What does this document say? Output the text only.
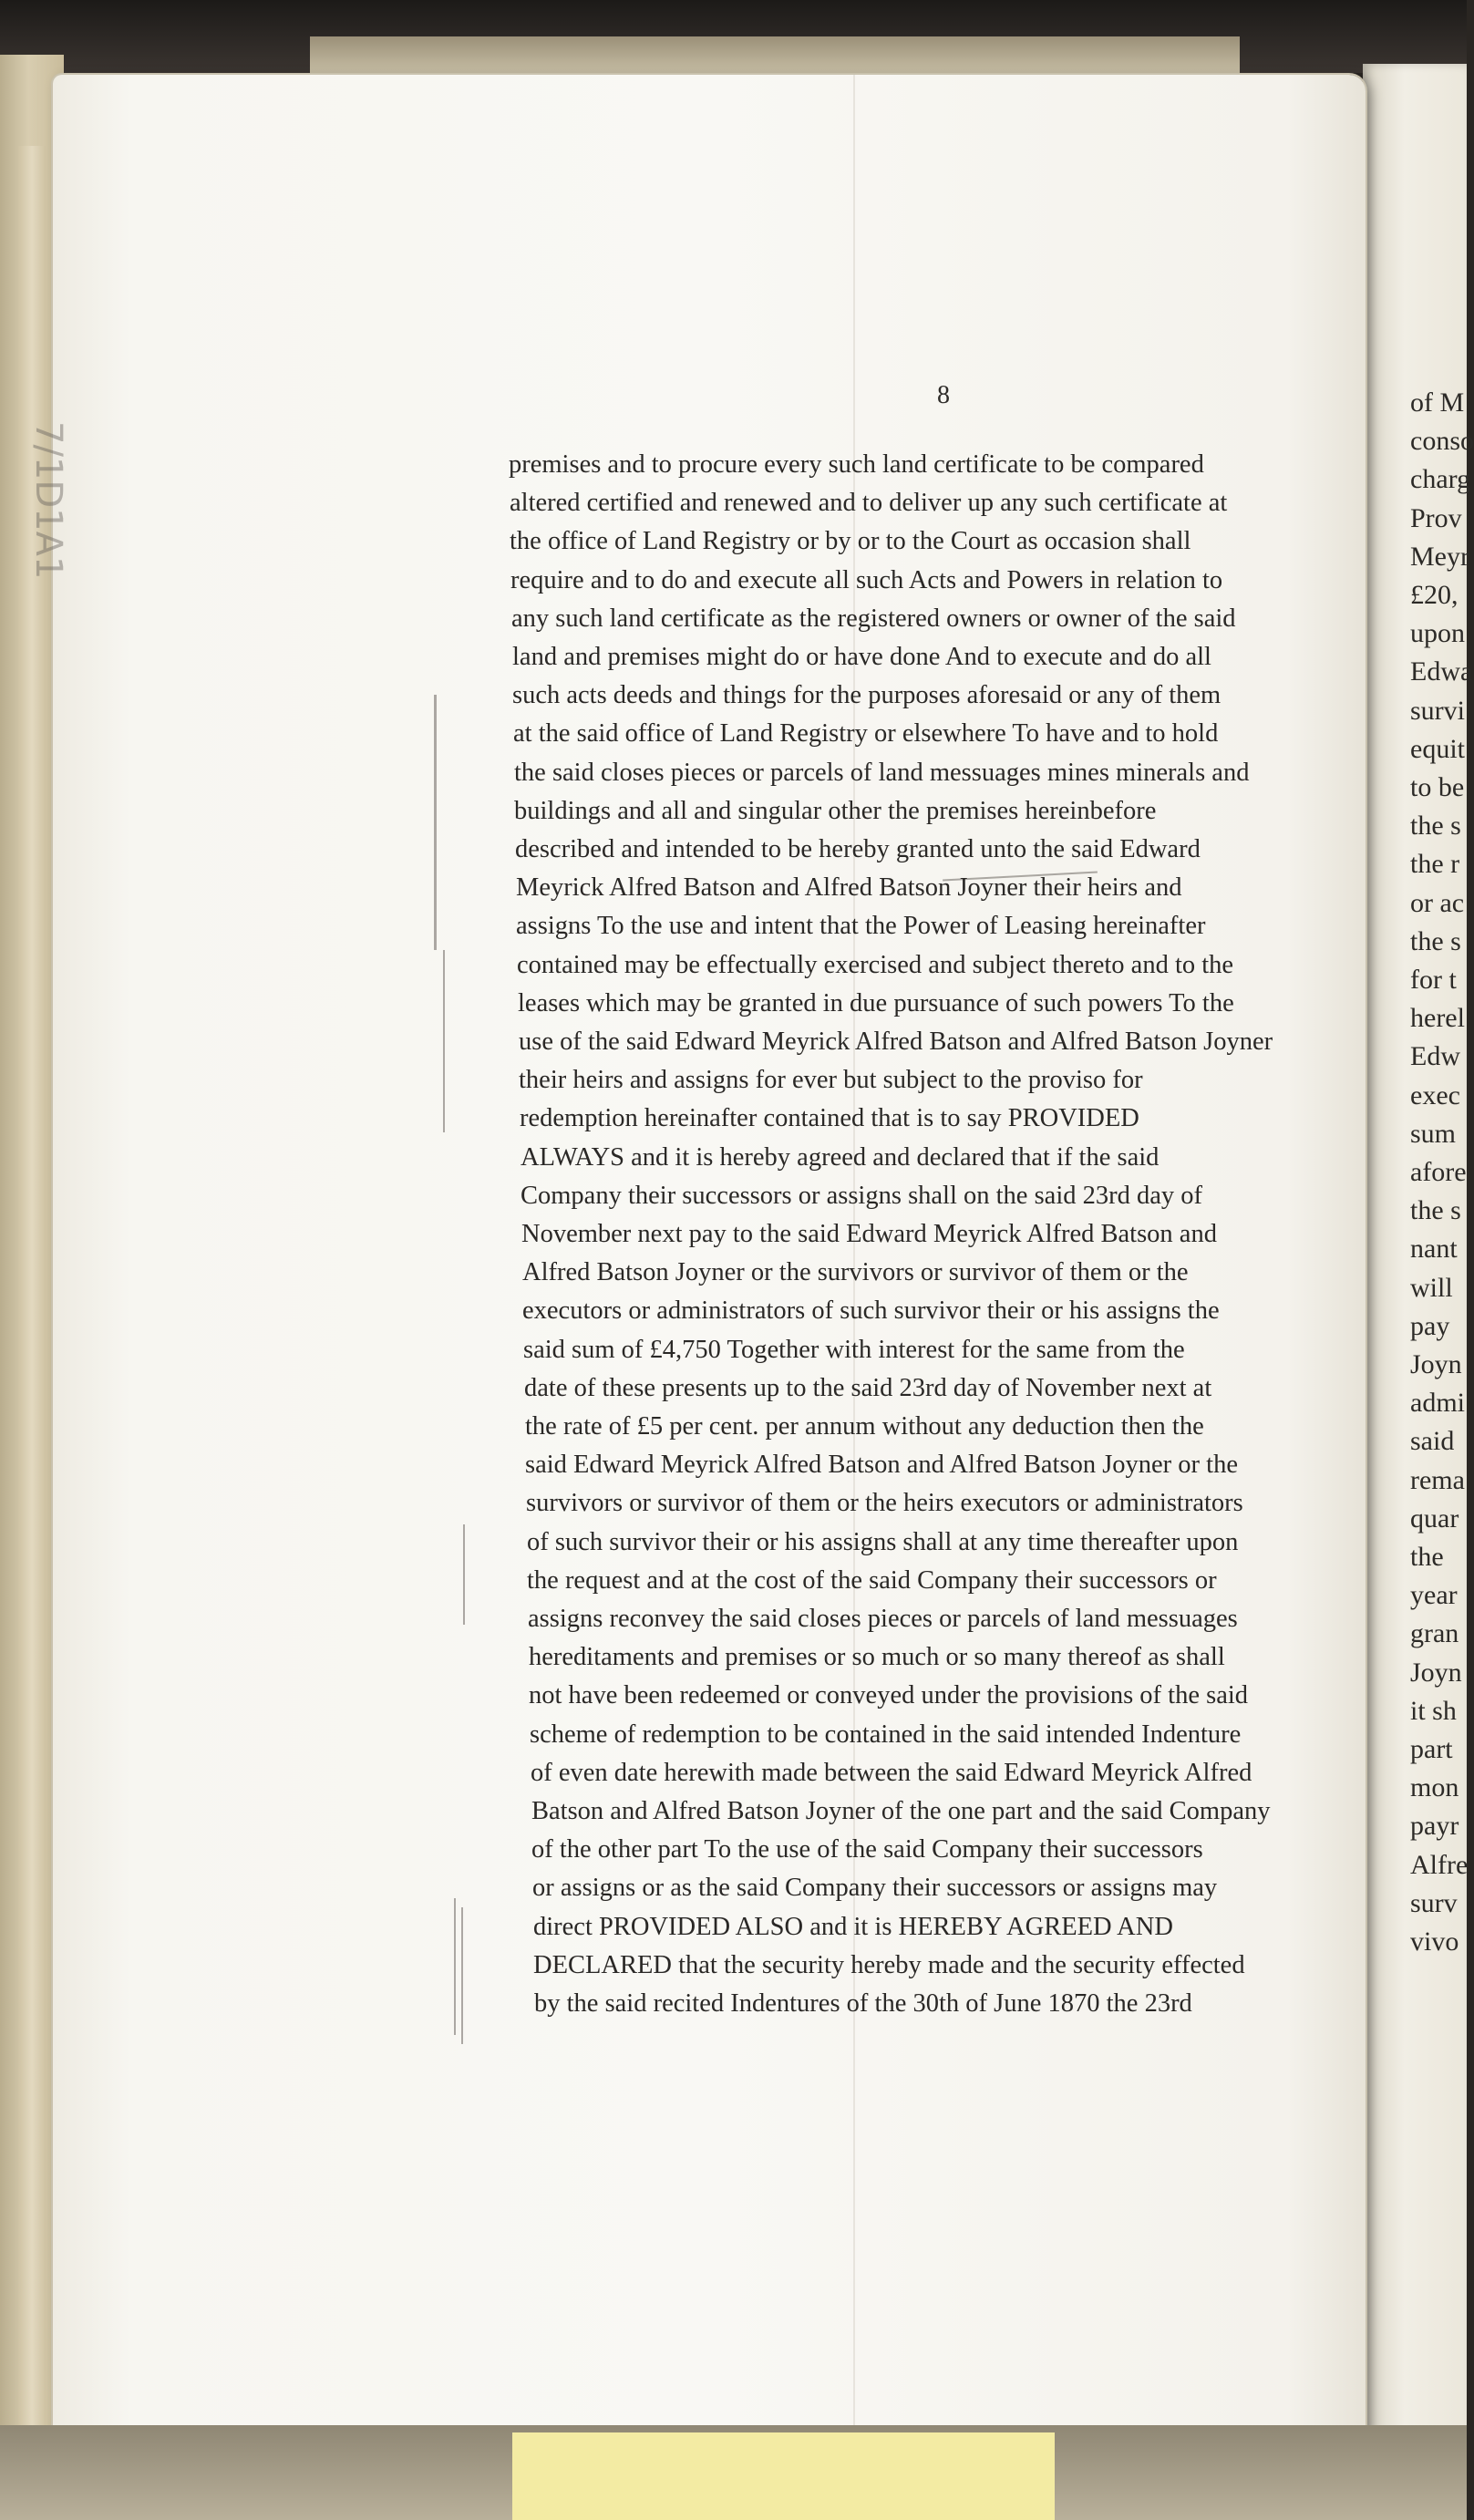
of M
conso
charg
Prov
Meyr
£20,
upon
Edwa
survi
equit
to be
the s
the r
or ac
the s
for t
herel
Edw
exec
sum
afore
the s
nant
will
pay
Joyn
admi
said
rema
quar
the
year
gran
Joyn
it sh
part
mon
payr
Alfre
surv
vivo
7/1D1A1
8
premises and to procure every such land certificate to be compared
altered certified and renewed and to deliver up any such certificate at
the office of Land Registry or by or to the Court as occasion shall
require and to do and execute all such Acts and Powers in relation to
any such land certificate as the registered owners or owner of the said
land and premises might do or have done And to execute and do all
such acts deeds and things for the purposes aforesaid or any of them
at the said office of Land Registry or elsewhere To have and to hold
the said closes pieces or parcels of land messuages mines minerals and
buildings and all and singular other the premises hereinbefore
described and intended to be hereby granted unto the said Edward
Meyrick Alfred Batson and Alfred Batson Joyner their heirs and
assigns To the use and intent that the Power of Leasing hereinafter
contained may be effectually exercised and subject thereto and to the
leases which may be granted in due pursuance of such powers To the
use of the said Edward Meyrick Alfred Batson and Alfred Batson Joyner
their heirs and assigns for ever but subject to the proviso for
redemption hereinafter contained that is to say PROVIDED
ALWAYS and it is hereby agreed and declared that if the said
Company their successors or assigns shall on the said 23rd day of
November next pay to the said Edward Meyrick Alfred Batson and
Alfred Batson Joyner or the survivors or survivor of them or the
executors or administrators of such survivor their or his assigns the
said sum of £4,750 Together with interest for the same from the
date of these presents up to the said 23rd day of November next at
the rate of £5 per cent. per annum without any deduction then the
said Edward Meyrick Alfred Batson and Alfred Batson Joyner or the
survivors or survivor of them or the heirs executors or administrators
of such survivor their or his assigns shall at any time thereafter upon
the request and at the cost of the said Company their successors or
assigns reconvey the said closes pieces or parcels of land messuages
hereditaments and premises or so much or so many thereof as shall
not have been redeemed or conveyed under the provisions of the said
scheme of redemption to be contained in the said intended Indenture
of even date herewith made between the said Edward Meyrick Alfred
Batson and Alfred Batson Joyner of the one part and the said Company
of the other part To the use of the said Company their successors
or assigns or as the said Company their successors or assigns may
direct PROVIDED ALSO and it is HEREBY AGREED AND
DECLARED that the security hereby made and the security effected
by the said recited Indentures of the 30th of June 1870 the 23rd
